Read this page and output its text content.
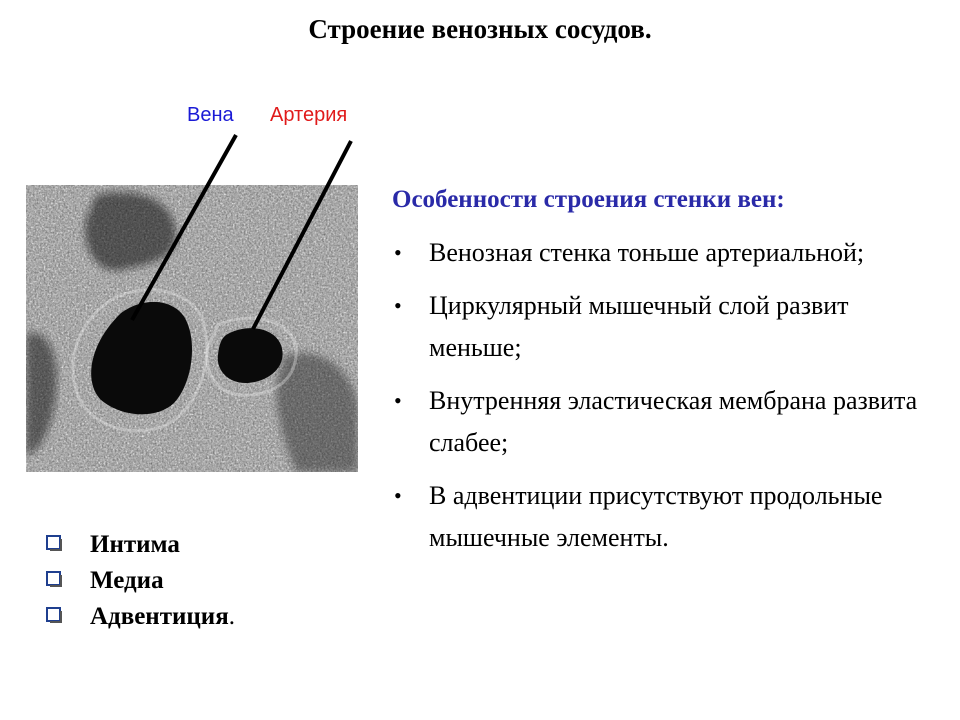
Строение венозных сосудов.
Вена Артерия
Особенности строения стенки вен:
• Венозная стенка тоньше артериальной;
• Циркулярный мышечный слой развит меньше;
• Внутренняя эластическая мембрана развита слабее;
• В адвентиции присутствуют продольные мышечные элементы.
Интима
Медиа
Адвентиция.
